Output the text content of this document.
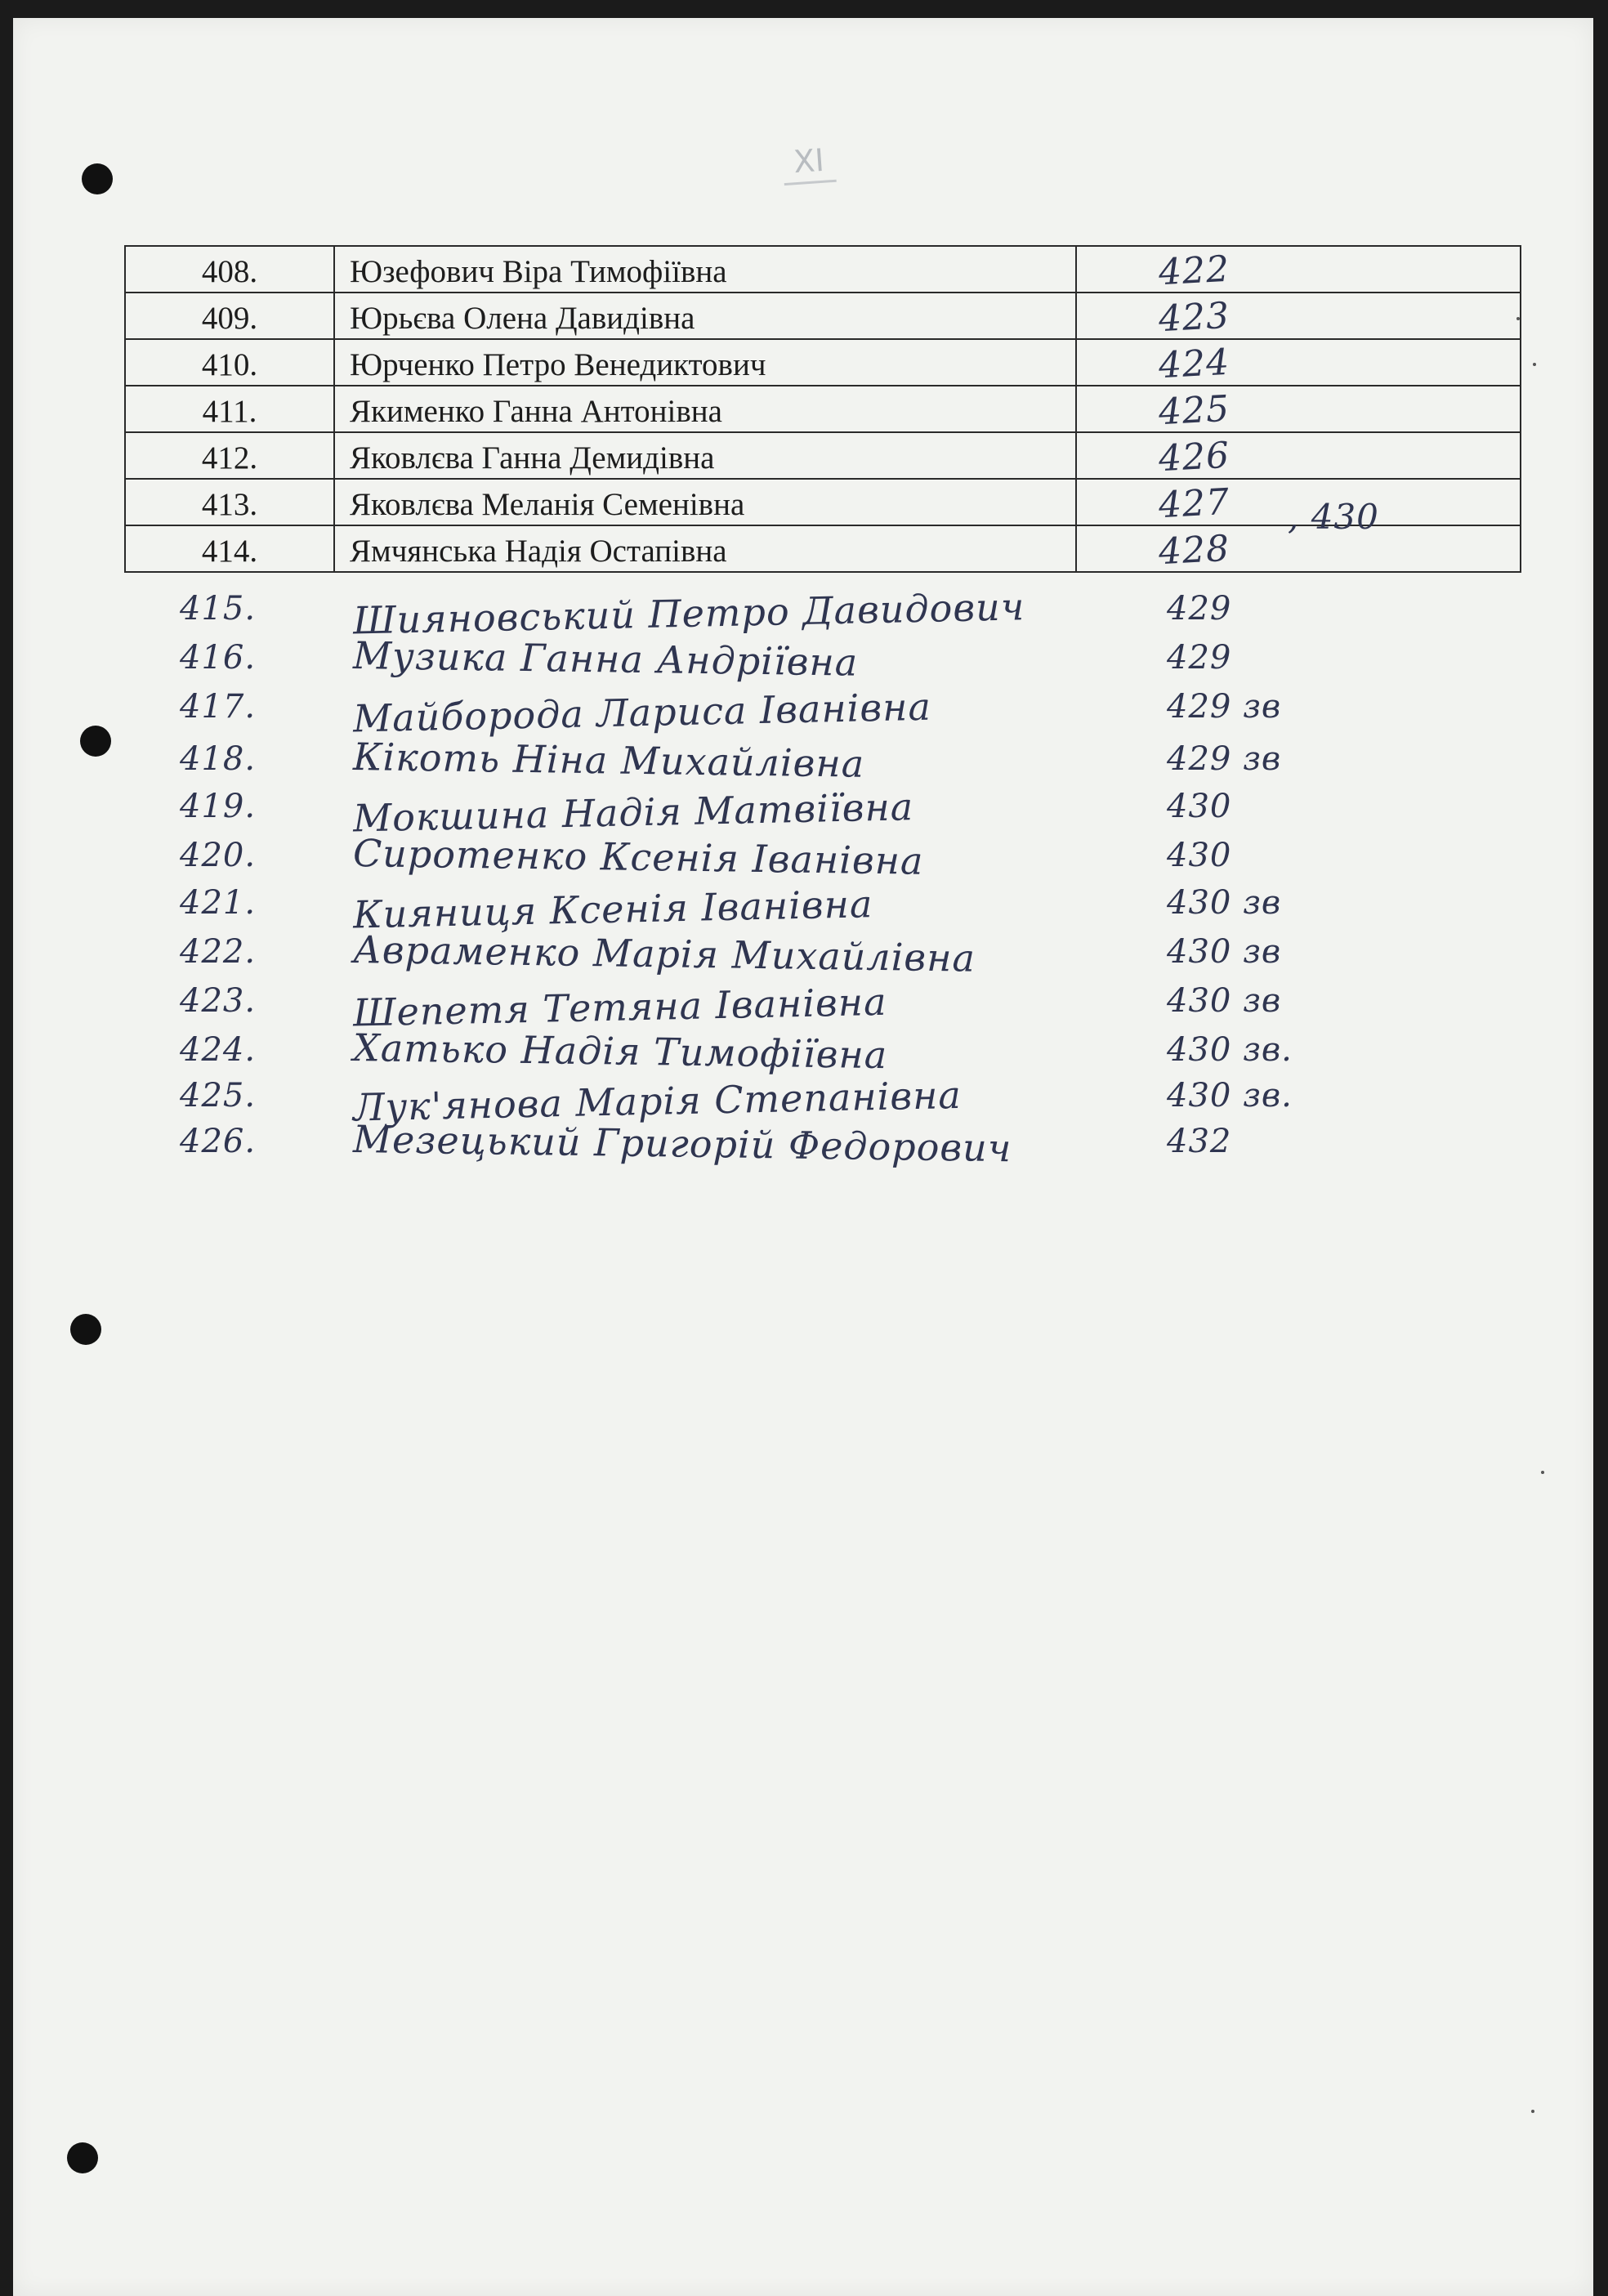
XI
408.	Юзефович Віра Тимофіївна	422
409.	Юрьєва Олена Давидівна	423
410.	Юрченко Петро Венедиктович	424
411.	Якименко Ганна Антонівна	425
412.	Яковлєва Ганна Демидівна	426
413.	Яковлєва Меланія Семенівна	427
414.	Ямчянська Надія Остапівна	428
, 430
415.	Шияновський Петро Давидович	429
416.	Музика Ганна Андріївна	429
417.	Майборода Лариса Іванівна	429 зв
418.	Кікоть Ніна Михайлівна	429 зв
419.	Мокшина Надія Матвіївна	430
420.	Сиротенко Ксенія Іванівна	430
421.	Кияниця Ксенія Іванівна	430 зв
422.	Авраменко Марія Михайлівна	430 зв
423.	Шепетя Тетяна Іванівна	430 зв
424.	Хатько Надія Тимофіївна	430 зв.
425.	Лук'янова Марія Степанівна	430 зв.
426.	Мезецький Григорій Федорович	432
